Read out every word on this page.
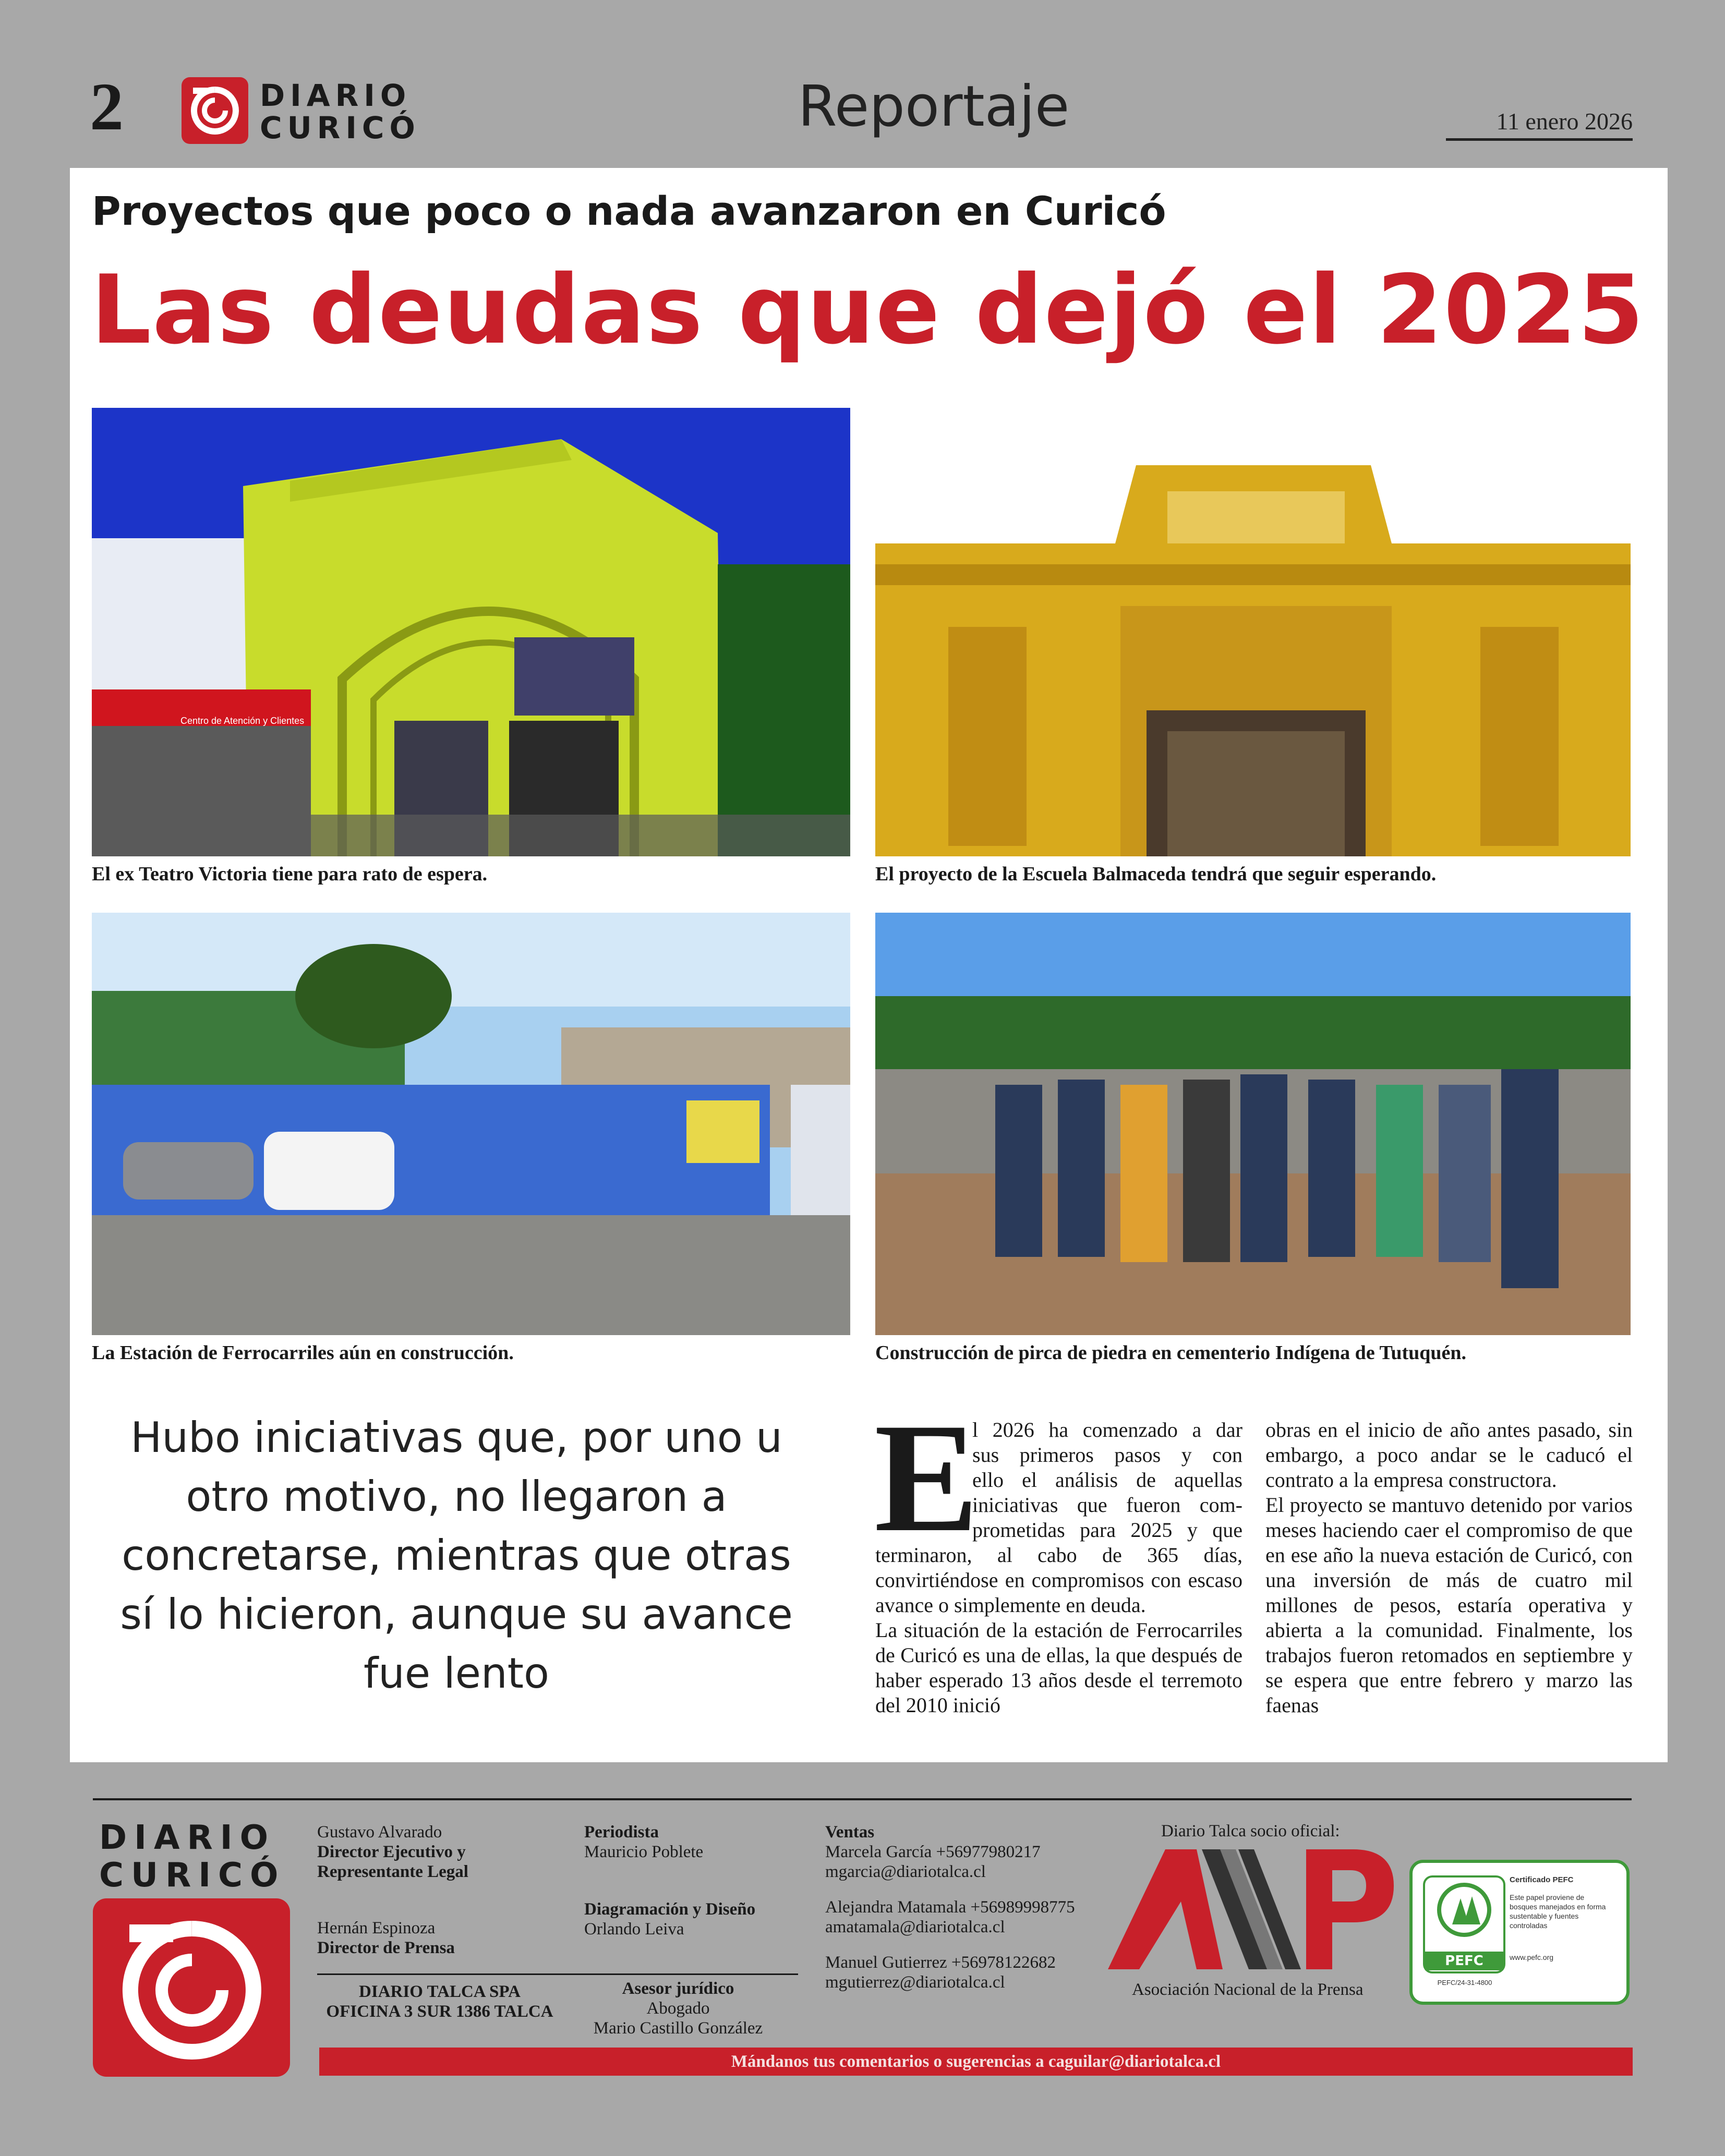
2	DIARIO
CURICÓ	Reportaje	11 enero 2026
Proyectos que poco o nada avanzaron en Curicó
Las deudas que dejó el 2025
Centro de Atención y Clientes
El ex Teatro Victoria tiene para rato de espera.	El proyecto de la Escuela Balmaceda tendrá que seguir esperando.
La Estación de Ferrocarriles aún en construcción.	Construcción de pirca de piedra en cementerio Indígena de Tutuquén.
Hubo iniciativas que, por uno u otro motivo, no llegaron a concretarse, mientras que otras sí lo hicieron, aunque su avance fue lento
E
l 2026 ha comenzado a dar
sus primeros pasos y con
ello el análisis de aquellas
iniciativas que fueron com-
prometidas para 2025 y que

terminaron, al cabo de 365 días, convirtiéndose en compromisos con escaso avance o simplemente en deuda.

La situación de la estación de Ferrocarriles de Curicó es una de ellas, la que después de haber esperado 13 años desde el terremoto del 2010 inició

obras en el inicio de año antes pasado, sin embargo, a poco andar se le caducó el contrato a la empresa constructora.

El proyecto se mantuvo detenido por varios meses haciendo caer el compromiso de que en ese año la nueva estación de Curicó, con una inversión de más de cuatro mil millones de pesos, estaría operativa y abierta a la comunidad. Finalmente, los trabajos fueron retomados en septiembre y se espera que entre febrero y marzo las faenas

DIARIO
CURICÓ
Gustavo Alvarado
Director Ejecutivo y
Representante Legal
Hernán Espinoza
Director de Prensa
DIARIO TALCA SPA
OFICINA 3 SUR 1386 TALCA
Periodista
Mauricio Poblete
Diagramación y Diseño
Orlando Leiva
Asesor jurídico
Abogado
Mario Castillo González
Ventas
Marcela García +56977980217
mgarcia@diariotalca.cl
Alejandra Matamala +56989998775
amatamala@diariotalca.cl
Manuel Gutierrez +56978122682
mgutierrez@diariotalca.cl
Diario Talca socio oficial:
Asociación Nacional de la Prensa
PEFC
Certificado PEFC
Este papel proviene de bosques manejados en forma sustentable y fuentes controladas
www.pefc.org
PEFC/24-31-4800
Mándanos tus comentarios o sugerencias a caguilar@diariotalca.cl
